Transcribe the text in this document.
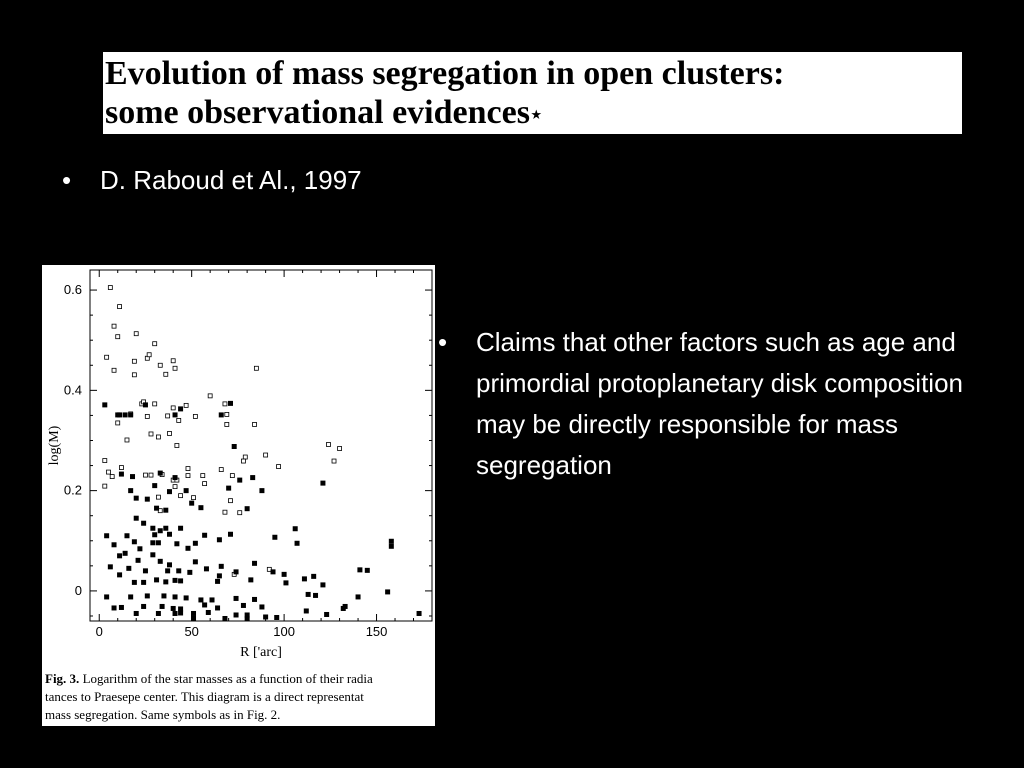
Evolution of mass segregation in open clusters:
some observational evidences⋆
• D. Raboud et Al., 1997
• Claims that other factors such as age and primordial protoplanetary disk composition may be directly responsible for mass segregation
0	50	100	150
0
0.2
0.4
0.6
R ['arc]
log(M)
Fig. 3. Logarithm of the star masses as a function of their radia
tances to Praesepe center. This diagram is a direct representat
mass segregation. Same symbols as in Fig. 2.
